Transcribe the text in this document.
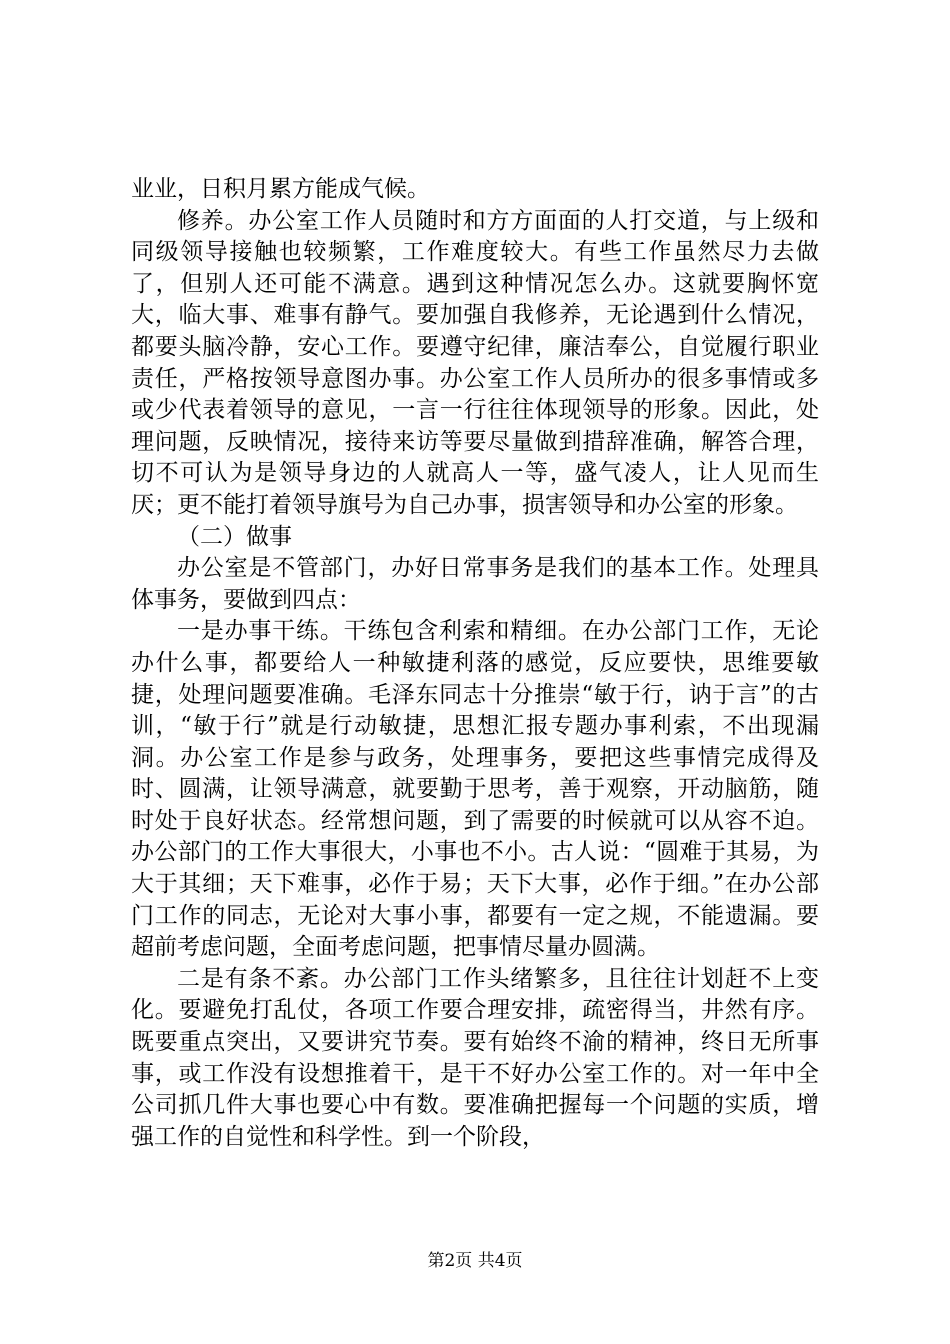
业业，日积月累方能成气候。

修养。办公室工作人员随时和方方面面的人打交道，与上级和同级领导接触也较频繁，工作难度较大。有些工作虽然尽力去做了，但别人还可能不满意。遇到这种情况怎么办。这就要胸怀宽大，临大事、难事有静气。要加强自我修养，无论遇到什么情况，都要头脑冷静，安心工作。要遵守纪律，廉洁奉公，自觉履行职业责任，严格按领导意图办事。办公室工作人员所办的很多事情或多或少代表着领导的意见，一言一行往往体现领导的形象。因此，处理问题，反映情况，接待来访等要尽量做到措辞准确，解答合理，切不可认为是领导身边的人就高人一等，盛气凌人，让人见而生厌；更不能打着领导旗号为自己办事，损害领导和办公室的形象。

（二）做事

办公室是不管部门，办好日常事务是我们的基本工作。处理具体事务，要做到四点：

一是办事干练。干练包含利索和精细。在办公部门工作，无论办什么事，都要给人一种敏捷利落的感觉，反应要快，思维要敏捷，处理问题要准确。毛泽东同志十分推崇“敏于行，讷于言”的古训，“敏于行”就是行动敏捷，思想汇报专题办事利索，不出现漏洞。办公室工作是参与政务，处理事务，要把这些事情完成得及时、圆满，让领导满意，就要勤于思考，善于观察，开动脑筋，随时处于良好状态。经常想问题，到了需要的时候就可以从容不迫。办公部门的工作大事很大，小事也不小。古人说：“圆难于其易，为大于其细；天下难事，必作于易；天下大事，必作于细。”在办公部门工作的同志，无论对大事小事，都要有一定之规，不能遗漏。要超前考虑问题，全面考虑问题，把事情尽量办圆满。

二是有条不紊。办公部门工作头绪繁多，且往往计划赶不上变化。要避免打乱仗，各项工作要合理安排，疏密得当，井然有序。既要重点突出，又要讲究节奏。要有始终不渝的精神，终日无所事事，或工作没有设想推着干，是干不好办公室工作的。对一年中全公司抓几件大事也要心中有数。要准确把握每一个问题的实质，增强工作的自觉性和科学性。到一个阶段，

第2页 共4页
